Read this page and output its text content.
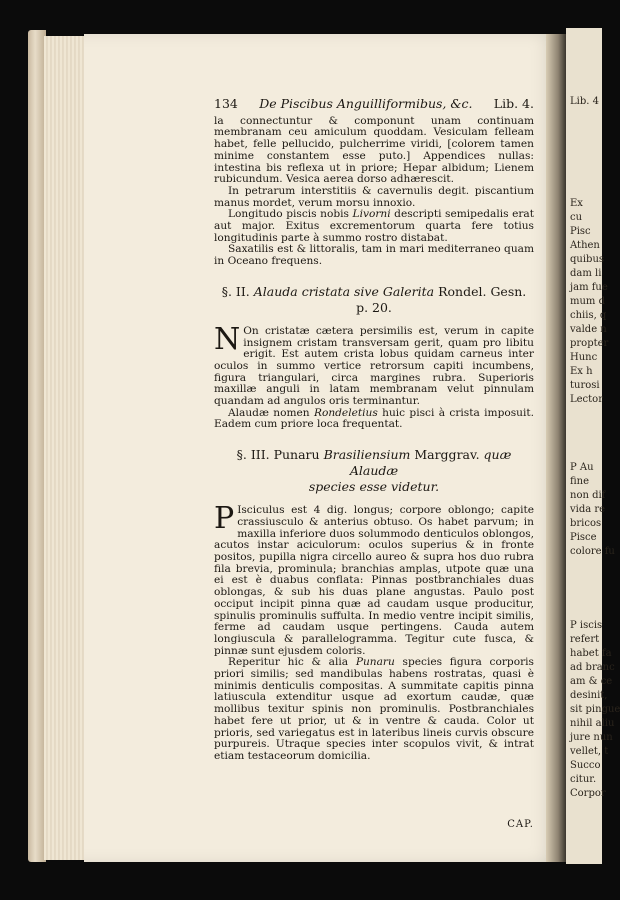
Lib. 4
Ex
cu
Pisc
Athen
quibus
dam li
jam fue
mum d
chiis, q
valde n
propter
Hunc
Ex h
turosi
Lector
P Au
fine
non dif
vida re
bricos
Pisce
colore fu
P iscis
refert
habet fa
ad branc
am & ce
desinit,
sit pingue
nihil aliu
jure nun
vellet, t
Succo
citur.
Corpor
134 De Piscibus Anguilliformibus, &c. Lib. 4.

la connectuntur & componunt unam continuam membranam ceu amiculum quoddam. Vesiculam felleam habet, felle pellucido, pulcherrime viridi, [colorem tamen minime constantem esse puto.] Appendices nullas: intestina bis reflexa ut in priore; Hepar albidum; Lienem rubicundum. Vesica aerea dorso adhærescit.

In petrarum interstitiis & cavernulis degit. piscantium manus mordet, verum morsu innoxio.

Longitudo piscis nobis Livorni descripti semipedalis erat aut major. Exitus excrementorum quarta fere totius longitudinis parte à summo rostro distabat.

Saxatilis est & littoralis, tam in mari mediterraneo quam in Oceano frequens.

§. II. Alauda cristata sive Galerita Rondel. Gesn. p. 20.

N On cristatæ cætera persimilis est, verum in capite insignem cristam transversam gerit, quam pro libitu erigit. Est autem crista lobus quidam carneus inter oculos in summo vertice retrorsum capiti incumbens, figura triangulari, circa margines rubra. Superioris maxillæ anguli in latam membranam velut pinnulam quandam ad angulos oris terminantur.

Alaudæ nomen Rondeletius huic pisci à crista imposuit. Eadem cum priore loca frequentat.

§. III. Punaru Brasiliensium Marggrav. quæ Alaudæ
species esse videtur.

P Isciculus est 4 dig. longus; corpore oblongo; capite crassiusculo & anterius obtuso. Os habet parvum; in maxilla inferiore duos solummodo denticulos oblongos, acutos instar aciculorum: oculos superius & in fronte positos, pupilla nigra circello aureo & supra hos duo rubra fila brevia, prominula; branchias amplas, utpote quæ una ei est è duabus conflata: Pinnas postbranchiales duas oblongas, & sub his duas plane angustas. Paulo post occiput incipit pinna quæ ad caudam usque producitur, spinulis prominulis suffulta. In medio ventre incipit similis, ferme ad caudam usque pertingens. Cauda autem longiuscula & parallelogramma. Tegitur cute fusca, & pinnæ sunt ejusdem coloris.

Reperitur hic & alia Punaru species figura corporis priori similis; sed mandibulas habens rostratas, quasi è minimis denticulis compositas. A summitate capitis pinna latiuscula extenditur usque ad exortum caudæ, quæ mollibus texitur spinis non prominulis. Postbranchiales habet fere ut prior, ut & in ventre & cauda. Color ut prioris, sed variegatus est in lateribus lineis curvis obscure purpureis. Utraque species inter scopulos vivit, & intrat etiam testaceorum domicilia.

CAP.
